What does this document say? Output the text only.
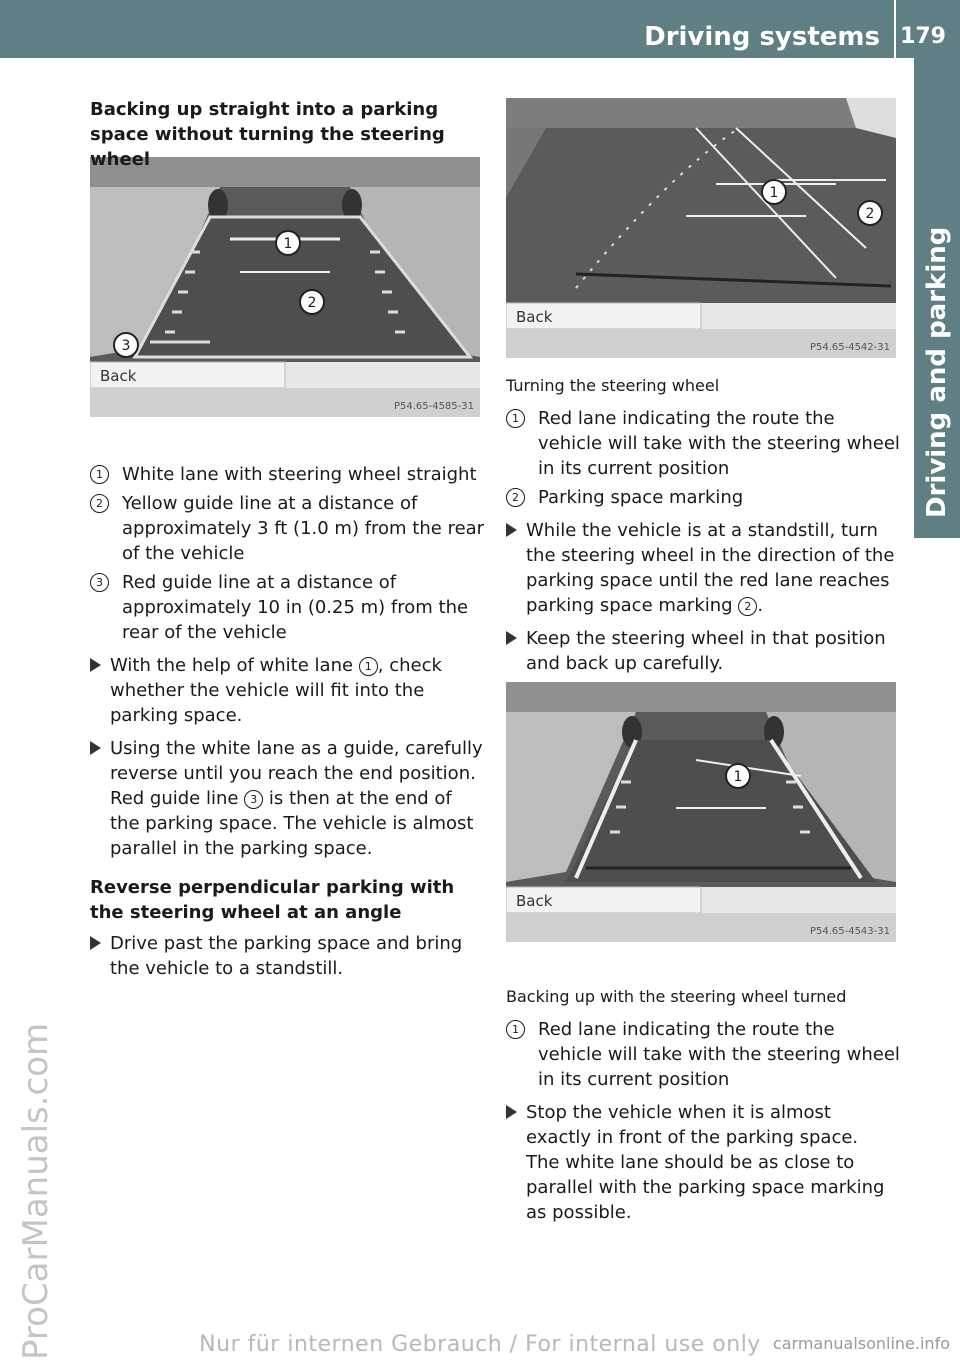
Driving systems 179
Driving and parking
ProCarManuals.com
1
2
3
Back
P54.65-4585-31
1
2
Back
P54.65-4542-31
1
Back
P54.65-4543-31
Backing up straight into a parking space without turning the steering wheel
1	White lane with steering wheel straight
2	Yellow guide line at a distance of approximately 3 ft (1.0 m) from the rear of the vehicle
3	Red guide line at a distance of approximately 10 in (0.25 m) from the rear of the vehicle
With the help of white lane 1 , check whether the vehicle will fit into the parking space.
Using the white lane as a guide, carefully reverse until you reach the end position. Red guide line 3 is then at the end of the parking space. The vehicle is almost parallel in the parking space.
Reverse perpendicular parking with the steering wheel at an angle
Drive past the parking space and bring the vehicle to a standstill.
Turning the steering wheel
1	Red lane indicating the route the vehicle will take with the steering wheel in its current position
2	Parking space marking
While the vehicle is at a standstill, turn the steering wheel in the direction of the parking space until the red lane reaches parking space marking 2 .
Keep the steering wheel in that position and back up carefully.
Backing up with the steering wheel turned
1	Red lane indicating the route the vehicle will take with the steering wheel in its current position
Stop the vehicle when it is almost exactly in front of the parking space.
The white lane should be as close to parallel with the parking space marking as possible.
Nur für internen Gebrauch / For internal use only carmanualsonline.info
